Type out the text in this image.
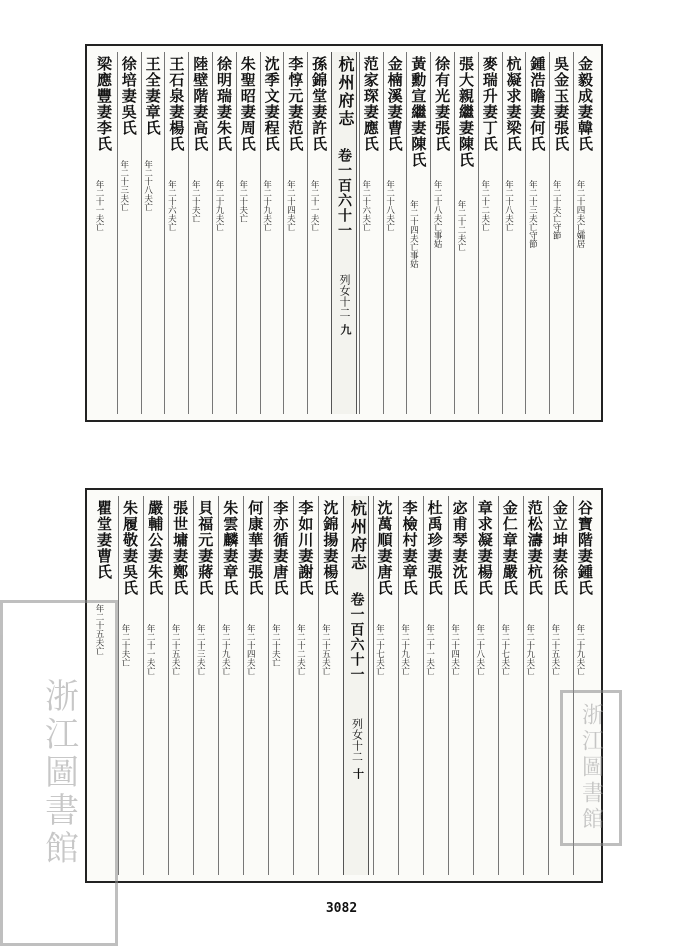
金毅成妻韓氏
年二十四夫亡孀居
吳金玉妻張氏
年二十夫亡守節
鍾浩瞻妻何氏
年二十三夫亡守節
杭凝求妻梁氏
年二十八夫亡
麥瑞升妻丁氏
年二十二夫亡
張大親繼妻陳氏
年二十二夫亡
徐有光妻張氏
年二十八夫亡事姑
黃勳宣繼妻陳氏
年二十四夫亡事姑
金楠溪妻曹氏
年二十八夫亡
范家琛妻應氏
年二十六夫亡
杭州府志
卷一百六十一
列女十二
九
孫錦堂妻許氏
年二十一夫亡
李惇元妻范氏
年二十四夫亡
沈季文妻程氏
年二十九夫亡
朱聖昭妻周氏
年二十夫亡
徐明瑞妻朱氏
年二十九夫亡
陸壁階妻高氏
年二十夫亡
王石泉妻楊氏
年二十六夫亡
王全妻章氏
年二十八夫亡
徐培妻吳氏
年二十三夫亡
梁應豐妻李氏
年二十一夫亡
谷寶階妻鍾氏
年二十九夫亡
金立坤妻徐氏
年二十五夫亡
范松濤妻杭氏
年二十九夫亡
金仁章妻嚴氏
年二十七夫亡
章求凝妻楊氏
年二十八夫亡
宓甫琴妻沈氏
年二十四夫亡
杜禹珍妻張氏
年二十一夫亡
李檢村妻章氏
年二十九夫亡
沈萬順妻唐氏
年二十七夫亡
杭州府志
卷一百六十一
列女十二
十
沈錦揚妻楊氏
年二十五夫亡
李如川妻謝氏
年二十二夫亡
李亦循妻唐氏
年二十夫亡
何康華妻張氏
年二十四夫亡
朱雲麟妻章氏
年二十九夫亡
貝福元妻蔣氏
年二十三夫亡
張世墉妻鄭氏
年二十五夫亡
嚴輔公妻朱氏
年二十一夫亡
朱履敬妻吳氏
年二十夫亡
瞿堂妻曹氏
年二十五夫亡
3082
浙江圖書館	浙江圖書館
